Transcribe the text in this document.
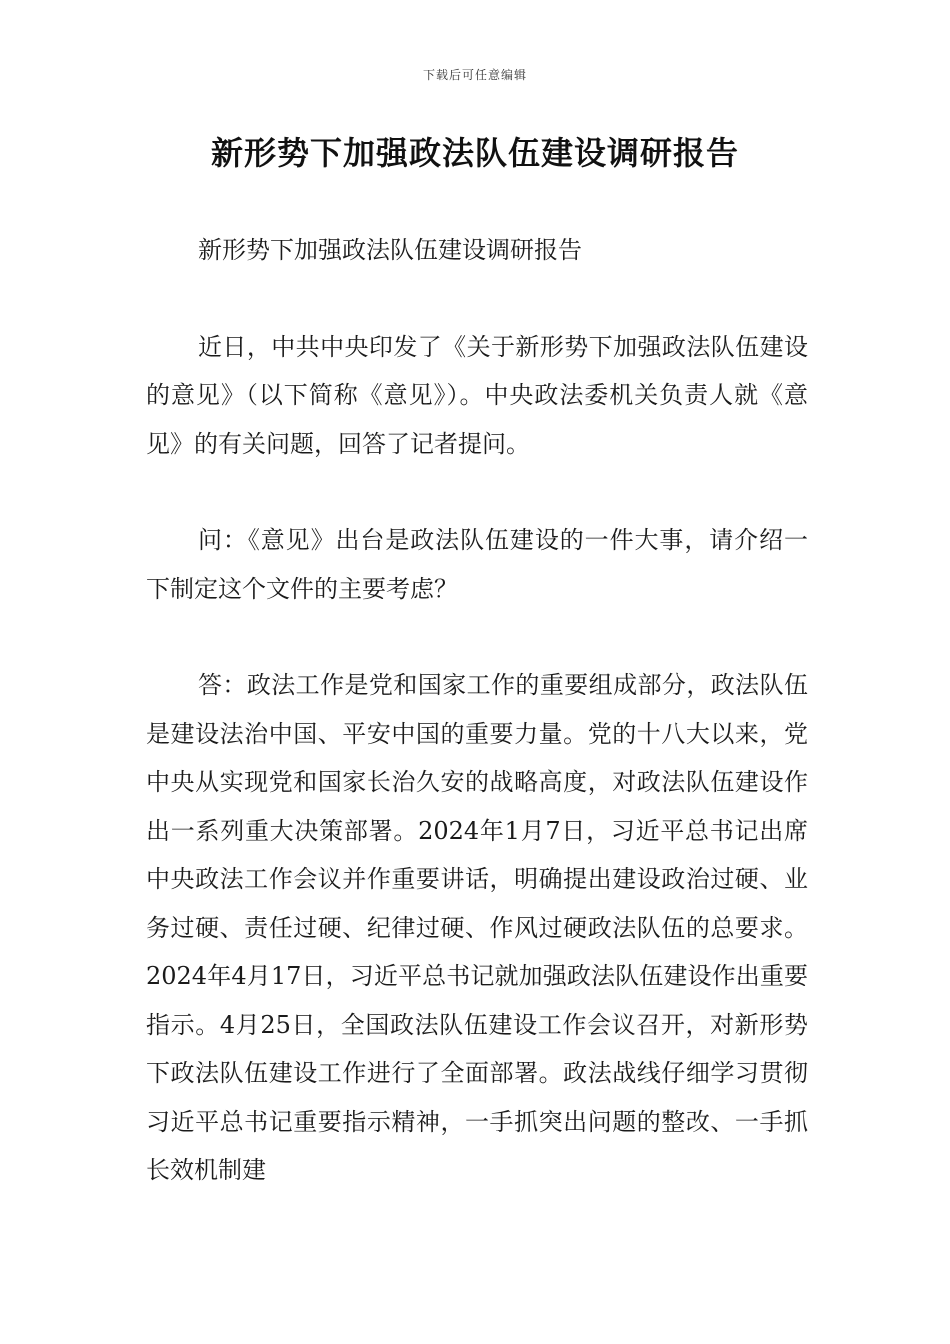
下载后可任意编辑
新形势下加强政法队伍建设调研报告

新形势下加强政法队伍建设调研报告

近日，中共中央印发了《关于新形势下加强政法队伍建设的意见》（以下简称《意见》）。中央政法委机关负责人就《意见》的有关问题，回答了记者提问。

问：《意见》出台是政法队伍建设的一件大事，请介绍一下制定这个文件的主要考虑？

答：政法工作是党和国家工作的重要组成部分，政法队伍是建设法治中国、平安中国的重要力量。党的十八大以来，党中央从实现党和国家长治久安的战略高度，对政法队伍建设作出一系列重大决策部署。2024年1月7日，习近平总书记出席中央政法工作会议并作重要讲话，明确提出建设政治过硬、业务过硬、责任过硬、纪律过硬、作风过硬政法队伍的总要求。2024年4月17日，习近平总书记就加强政法队伍建设作出重要指示。4月25日，全国政法队伍建设工作会议召开，对新形势下政法队伍建设工作进行了全面部署。政法战线仔细学习贯彻习近平总书记重要指示精神，一手抓突出问题的整改、一手抓长效机制建
